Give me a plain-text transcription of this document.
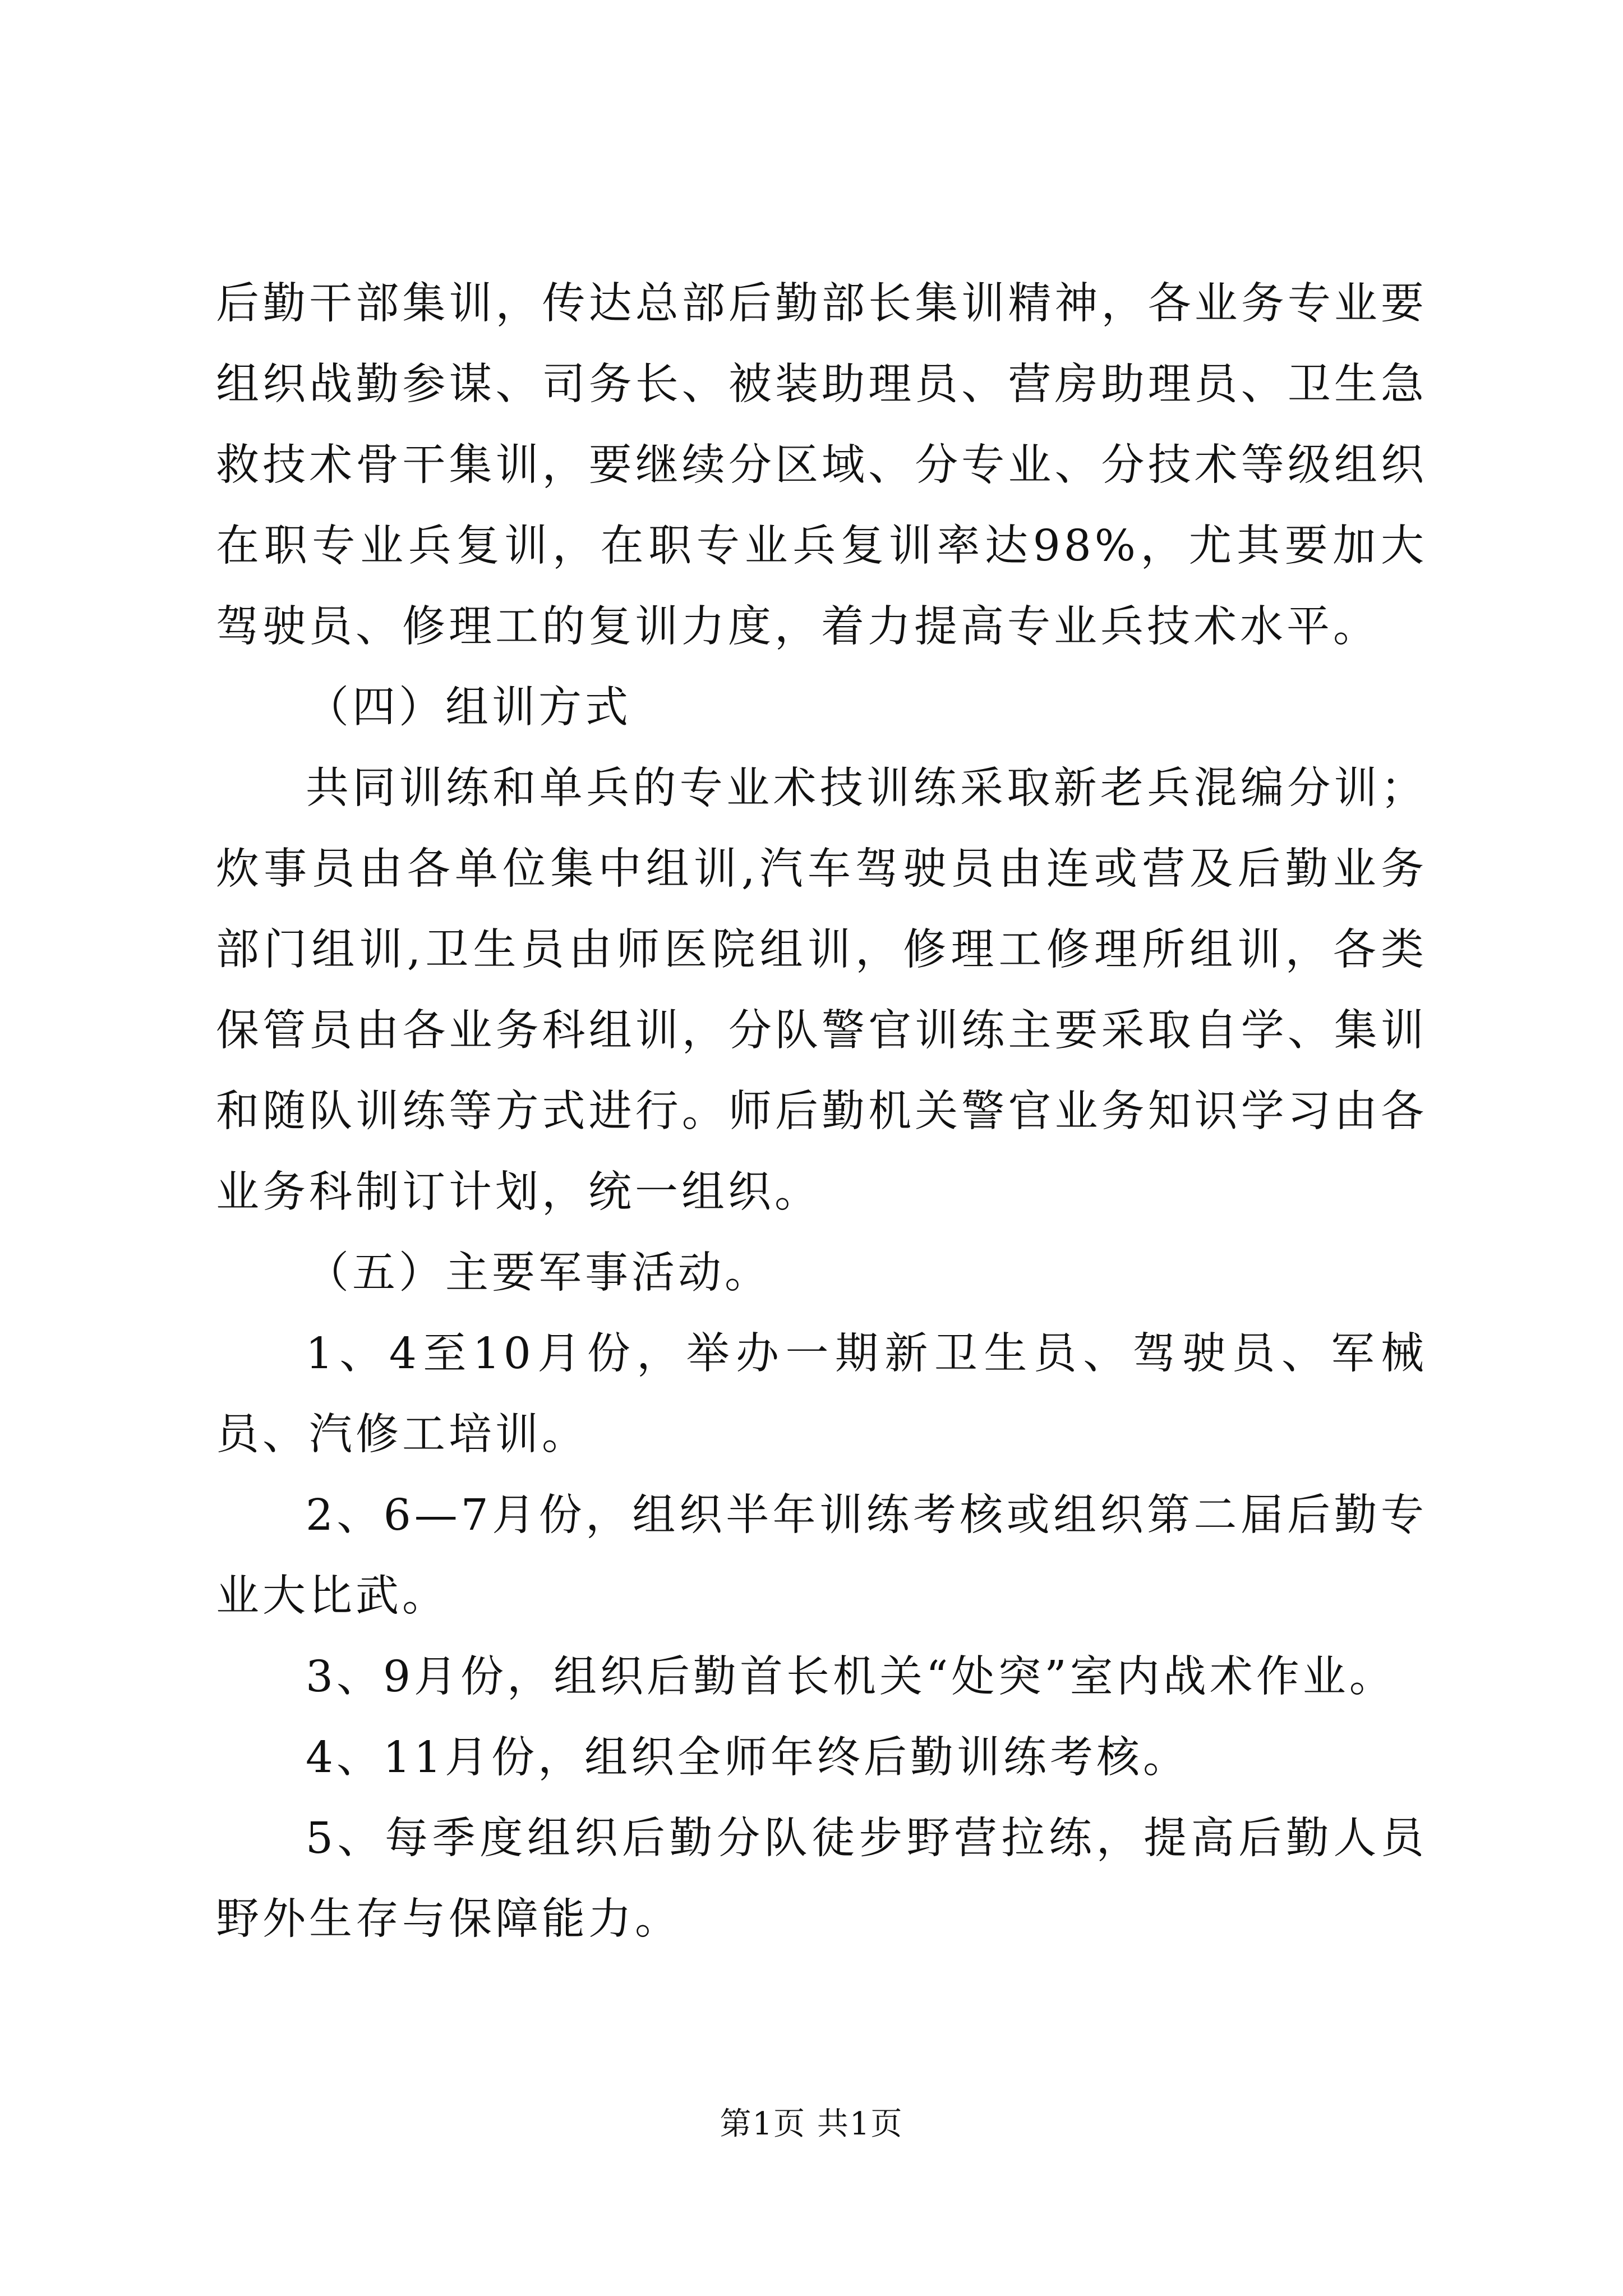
后勤干部集训，传达总部后勤部长集训精神，各业务专业要组织战勤参谋、司务长、被装助理员、营房助理员、卫生急救技术骨干集训，要继续分区域、分专业、分技术等级组织在职专业兵复训，在职专业兵复训率达98%，尤其要加大驾驶员、修理工的复训力度，着力提高专业兵技术水平。

（四）组训方式

共同训练和单兵的专业术技训练采取新老兵混编分训；炊事员由各单位集中组训,汽车驾驶员由连或营及后勤业务部门组训,卫生员由师医院组训，修理工修理所组训，各类保管员由各业务科组训，分队警官训练主要采取自学、集训和随队训练等方式进行。师后勤机关警官业务知识学习由各业务科制订计划，统一组织。

（五）主要军事活动。

1、4至10月份，举办一期新卫生员、驾驶员、军械员、汽修工培训。

2、6—7月份，组织半年训练考核或组织第二届后勤专业大比武。

3、9月份，组织后勤首长机关“处突”室内战术作业。

4、11月份，组织全师年终后勤训练考核。

5、每季度组织后勤分队徒步野营拉练，提高后勤人员野外生存与保障能力。

第1页 共1页
